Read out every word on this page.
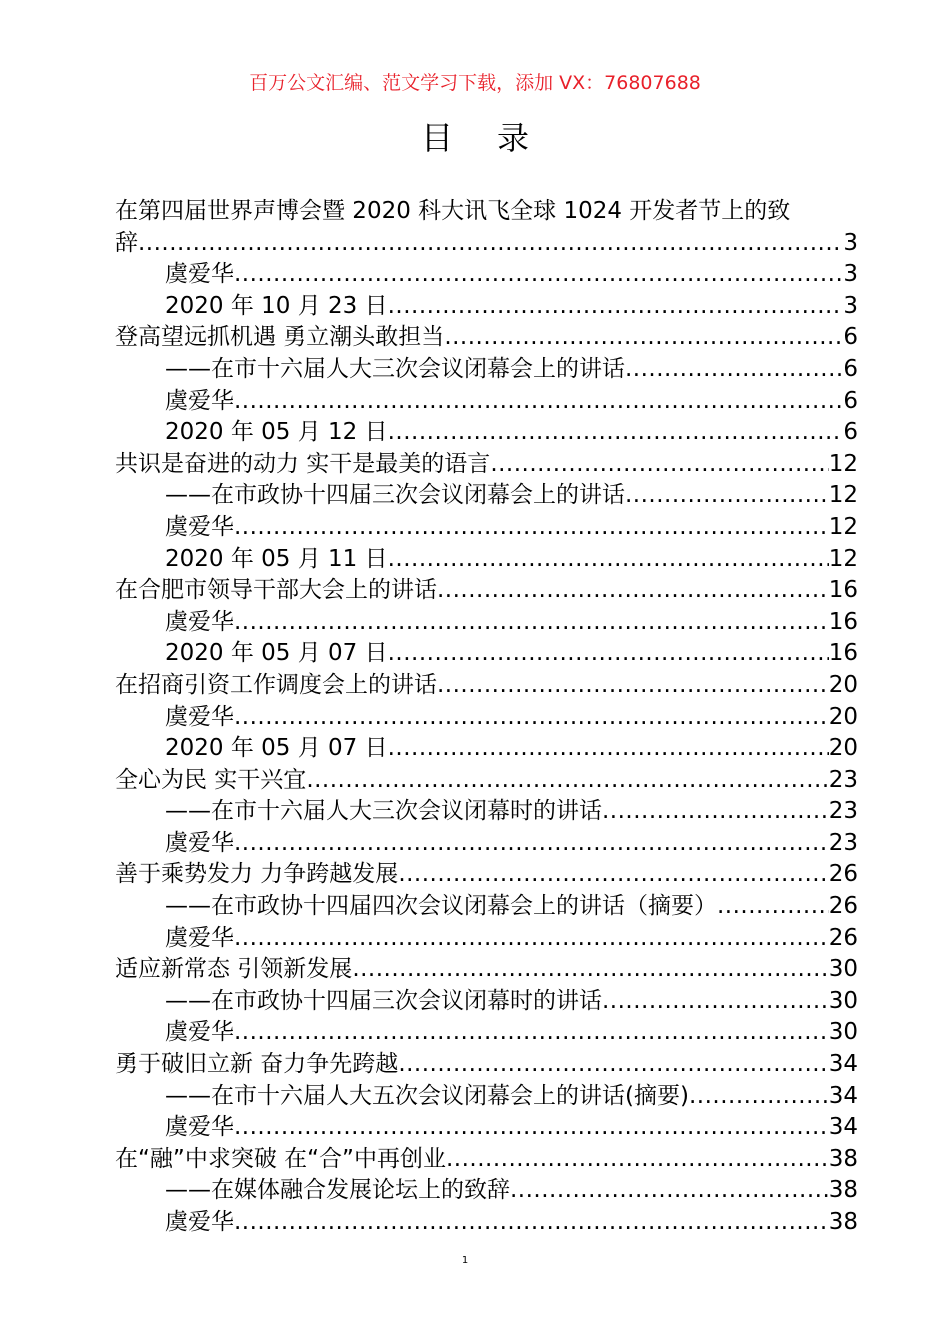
百万公文汇编、范文学习下载，添加 VX：76807688
目录
在第四届世界声博会暨 2020 科大讯飞全球 1024 开发者节上的致
辞 .....	3
虞爱华 .....	3
2020 年 10 月 23 日 .....	3
登高望远抓机遇 勇立潮头敢担当 .....	6
——在市十六届人大三次会议闭幕会上的讲话 .....	6
虞爱华 .....	6
2020 年 05 月 12 日 .....	6
共识是奋进的动力 实干是最美的语言 .....	12
——在市政协十四届三次会议闭幕会上的讲话 .....	12
虞爱华 .....	12
2020 年 05 月 11 日 .....	12
在合肥市领导干部大会上的讲话 .....	16
虞爱华 .....	16
2020 年 05 月 07 日 .....	16
在招商引资工作调度会上的讲话 .....	20
虞爱华 .....	20
2020 年 05 月 07 日 .....	20
全心为民 实干兴宜 .....	23
——在市十六届人大三次会议闭幕时的讲话 .....	23
虞爱华 .....	23
善于乘势发力 力争跨越发展 .....	26
——在市政协十四届四次会议闭幕会上的讲话（摘要） .....	26
虞爱华 .....	26
适应新常态 引领新发展 .....	30
——在市政协十四届三次会议闭幕时的讲话 .....	30
虞爱华 .....	30
勇于破旧立新 奋力争先跨越 .....	34
——在市十六届人大五次会议闭幕会上的讲话(摘要) .....	34
虞爱华 .....	34
在“融”中求突破 在“合”中再创业 .....	38
——在媒体融合发展论坛上的致辞 .....	38
虞爱华 .....	38
1
